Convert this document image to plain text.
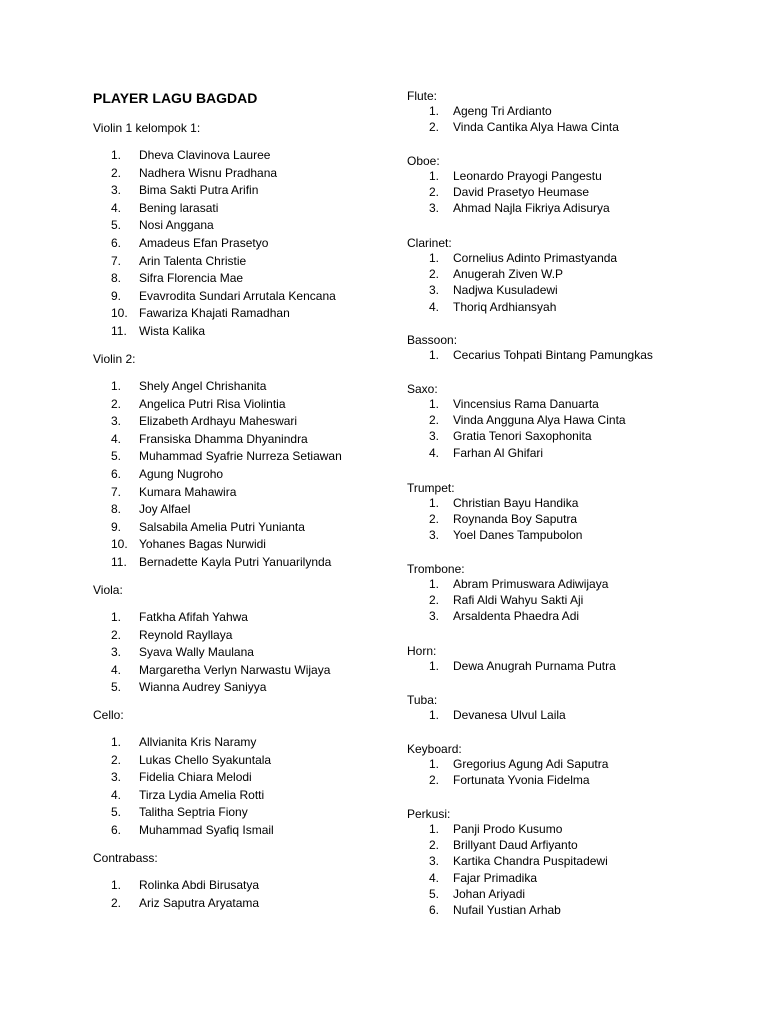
PLAYER LAGU BAGDAD
Violin 1 kelompok 1:
1.	Dheva Clavinova Lauree
2.	Nadhera Wisnu Pradhana
3.	Bima Sakti Putra Arifin
4.	Bening larasati
5.	Nosi Anggana
6.	Amadeus Efan Prasetyo
7.	Arin Talenta Christie
8.	Sifra Florencia Mae
9.	Evavrodita Sundari Arrutala Kencana
10. Fawariza Khajati Ramadhan
11. Wista Kalika
Violin 2:
1.	Shely Angel Chrishanita
2.	Angelica Putri Risa Violintia
3.	Elizabeth Ardhayu Maheswari
4.	Fransiska Dhamma Dhyanindra
5.	Muhammad Syafrie Nurreza Setiawan
6.	Agung Nugroho
7.	Kumara Mahawira
8.	Joy Alfael
9.	Salsabila Amelia Putri Yunianta
10. Yohanes Bagas Nurwidi
11. Bernadette Kayla Putri Yanuarilynda
Viola:
1.	Fatkha Afifah Yahwa
2.	Reynold Rayllaya
3.	Syava Wally Maulana
4.	Margaretha Verlyn Narwastu Wijaya
5.	Wianna Audrey Saniyya
Cello:
1.	Allvianita Kris Naramy
2.	Lukas Chello Syakuntala
3.	Fidelia Chiara Melodi
4.	Tirza Lydia Amelia Rotti
5.	Talitha Septria Fiony
6.	Muhammad Syafiq Ismail
Contrabass:
1.	Rolinka Abdi Birusatya
2.	Ariz Saputra Aryatama
Flute:
1.	Ageng Tri Ardianto
2.	Vinda Cantika Alya Hawa Cinta
Oboe:
1.	Leonardo Prayogi Pangestu
2.	David Prasetyo Heumase
3.	Ahmad Najla Fikriya Adisurya
Clarinet:
1.	Cornelius Adinto Primastyanda
2.	Anugerah Ziven W.P
3.	Nadjwa Kusuladewi
4.	Thoriq Ardhiansyah
Bassoon:
1.	Cecarius Tohpati Bintang Pamungkas
Saxo:
1.	Vincensius Rama Danuarta
2.	Vinda Angguna Alya Hawa Cinta
3.	Gratia Tenori Saxophonita
4.	Farhan Al Ghifari
Trumpet:
1.	Christian Bayu Handika
2.	Roynanda Boy Saputra
3.	Yoel Danes Tampubolon
Trombone:
1.	Abram Primuswara Adiwijaya
2.	Rafi Aldi Wahyu Sakti Aji
3.	Arsaldenta Phaedra Adi
Horn:
1.	Dewa Anugrah Purnama Putra
Tuba:
1.	Devanesa Ulvul Laila
Keyboard:
1.	Gregorius Agung Adi Saputra
2.	Fortunata Yvonia Fidelma
Perkusi:
1.	Panji Prodo Kusumo
2.	Brillyant Daud Arfiyanto
3.	Kartika Chandra Puspitadewi
4.	Fajar Primadika
5.	Johan Ariyadi
6.	Nufail Yustian Arhab
